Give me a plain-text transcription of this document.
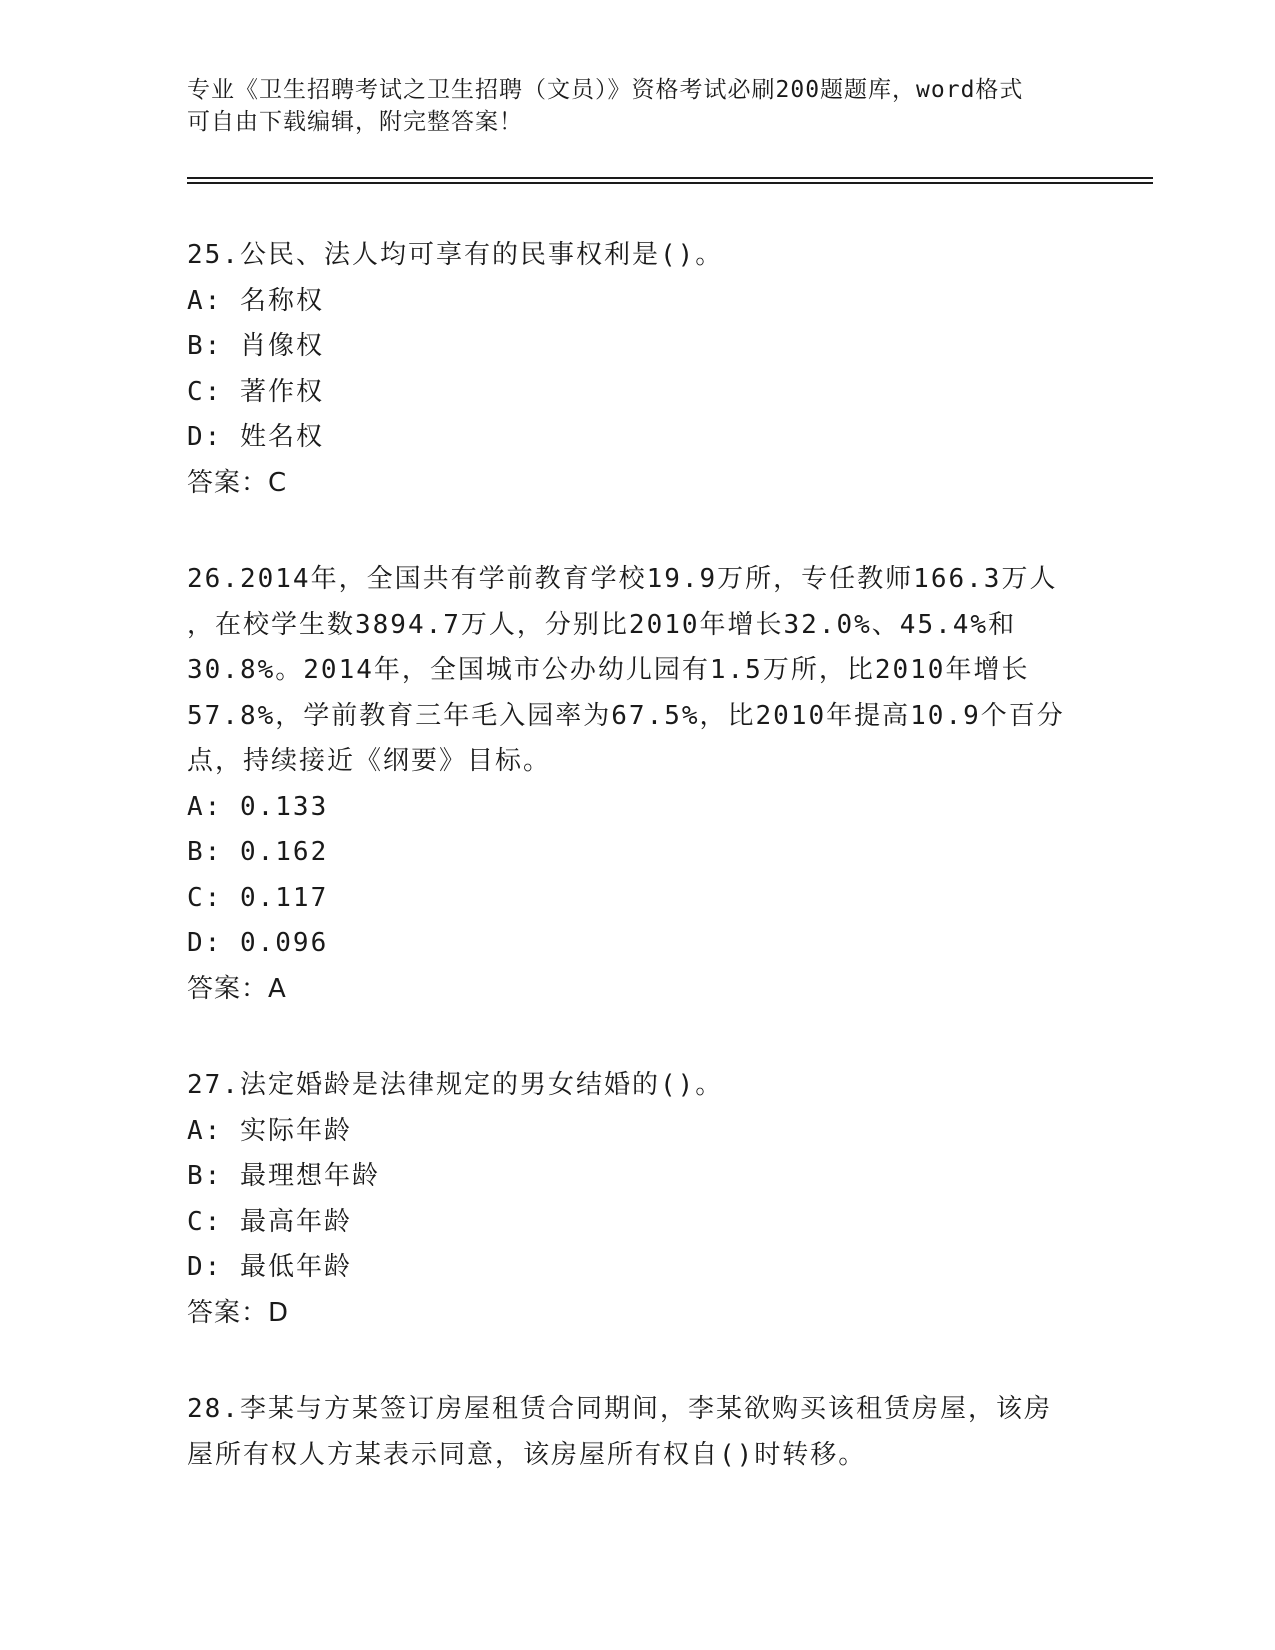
专业《卫生招聘考试之卫生招聘（文员）》资格考试必刷200题题库，word格式
可自由下载编辑，附完整答案！
25.公民、法人均可享有的民事权利是()。
A: 名称权
B: 肖像权
C: 著作权
D: 姓名权
答案：C
26.2014年，全国共有学前教育学校19.9万所，专任教师166.3万人
，在校学生数3894.7万人，分别比2010年增长32.0%、45.4%和
30.8%。2014年，全国城市公办幼儿园有1.5万所，比2010年增长
57.8%，学前教育三年毛入园率为67.5%，比2010年提高10.9个百分
点，持续接近《纲要》目标。
A: 0.133
B: 0.162
C: 0.117
D: 0.096
答案：A
27.法定婚龄是法律规定的男女结婚的()。
A: 实际年龄
B: 最理想年龄
C: 最高年龄
D: 最低年龄
答案：D
28.李某与方某签订房屋租赁合同期间，李某欲购买该租赁房屋，该房
屋所有权人方某表示同意，该房屋所有权自()时转移。
